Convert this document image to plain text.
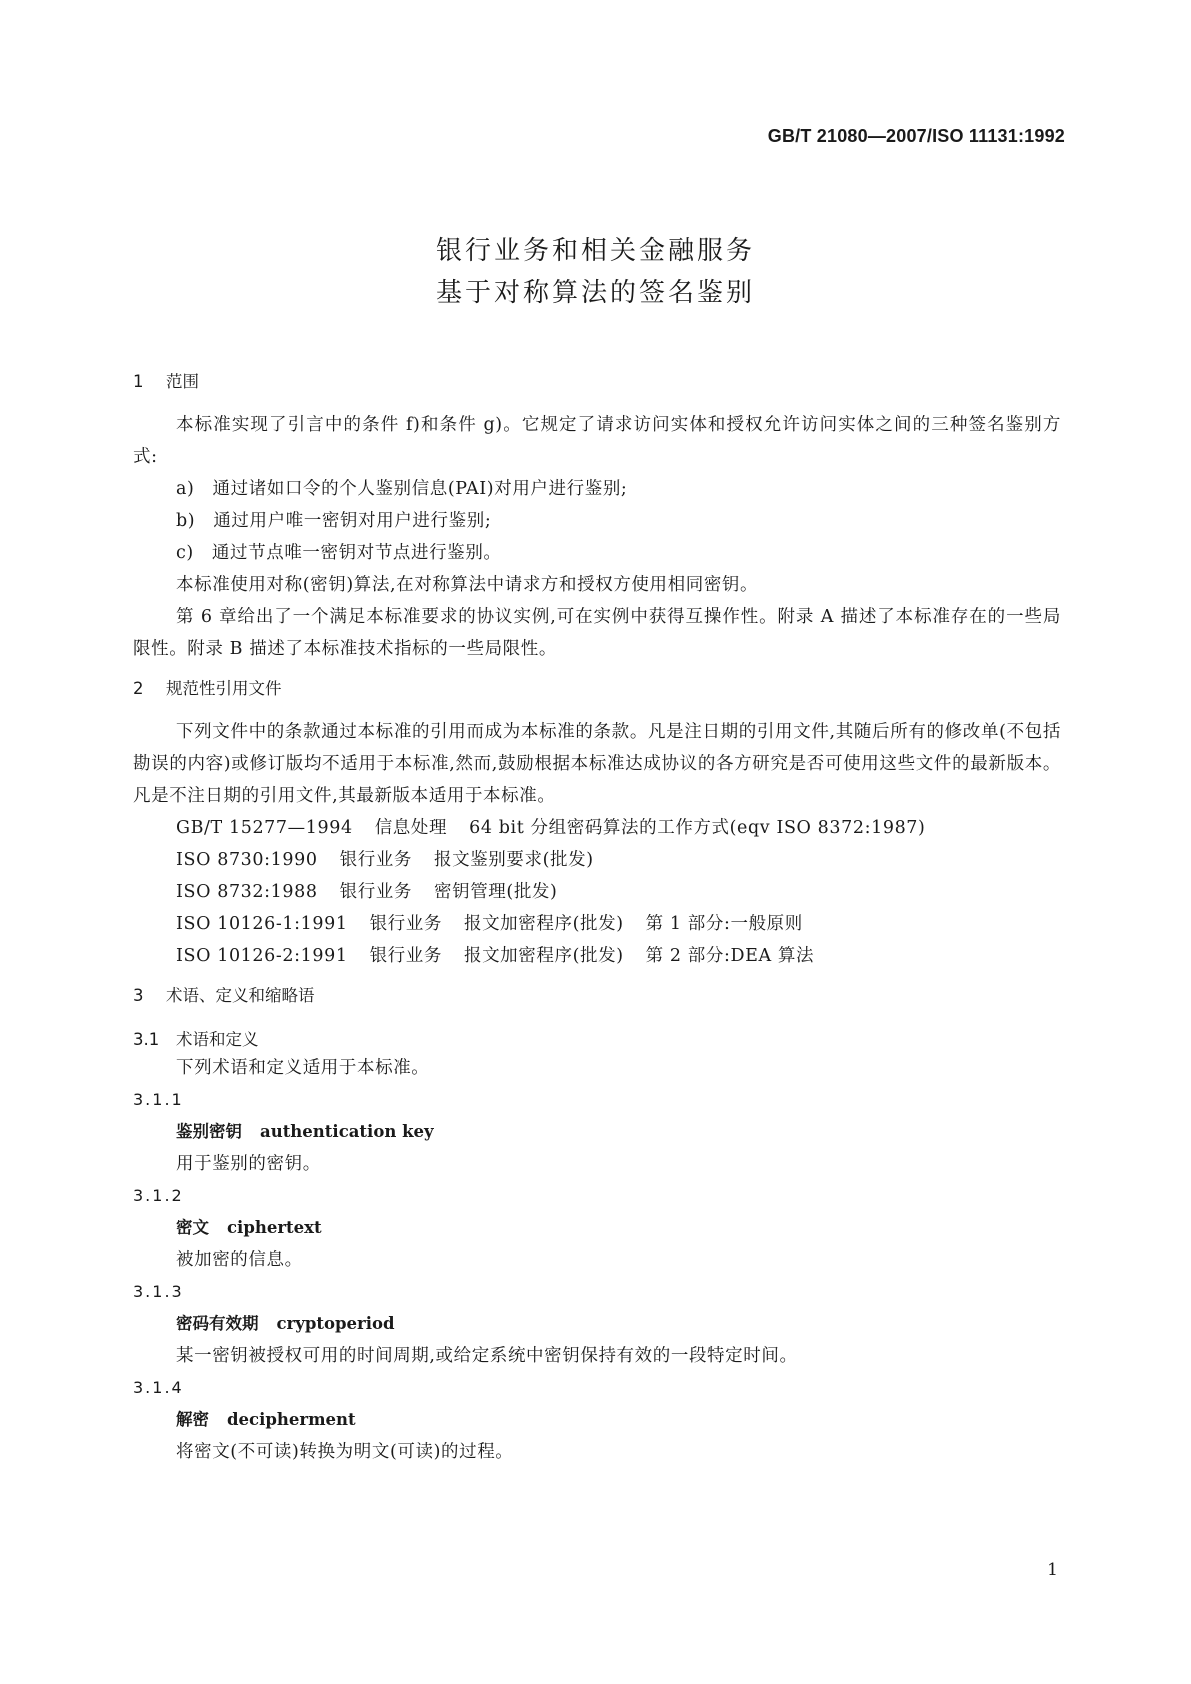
GB/T 21080—2007/ISO 11131:1992
银行业务和相关金融服务
基于对称算法的签名鉴别
1 范围

本标准实现了引言中的条件 f)和条件 g)。它规定了请求访问实体和授权允许访问实体之间的三种签名鉴别方式:

a)　通过诸如口令的个人鉴别信息(PAI)对用户进行鉴别;

b)　通过用户唯一密钥对用户进行鉴别;

c)　通过节点唯一密钥对节点进行鉴别。

本标准使用对称(密钥)算法,在对称算法中请求方和授权方使用相同密钥。

第 6 章给出了一个满足本标准要求的协议实例,可在实例中获得互操作性。附录 A 描述了本标准存在的一些局限性。附录 B 描述了本标准技术指标的一些局限性。

2 规范性引用文件

下列文件中的条款通过本标准的引用而成为本标准的条款。凡是注日期的引用文件,其随后所有的修改单(不包括勘误的内容)或修订版均不适用于本标准,然而,鼓励根据本标准达成协议的各方研究是否可使用这些文件的最新版本。凡是不注日期的引用文件,其最新版本适用于本标准。

GB/T 15277—1994 信息处理 64 bit 分组密码算法的工作方式(eqv ISO 8372:1987)

ISO 8730:1990 银行业务 报文鉴别要求(批发)

ISO 8732:1988 银行业务 密钥管理(批发)

ISO 10126-1:1991 银行业务 报文加密程序(批发) 第 1 部分:一般原则

ISO 10126-2:1991 银行业务 报文加密程序(批发) 第 2 部分:DEA 算法

3 术语、定义和缩略语
3.1 术语和定义

下列术语和定义适用于本标准。

3.1.1

鉴别密钥 authentication key

用于鉴别的密钥。

3.1.2

密文 ciphertext

被加密的信息。

3.1.3

密码有效期 cryptoperiod

某一密钥被授权可用的时间周期,或给定系统中密钥保持有效的一段特定时间。

3.1.4

解密 decipherment

将密文(不可读)转换为明文(可读)的过程。

1
